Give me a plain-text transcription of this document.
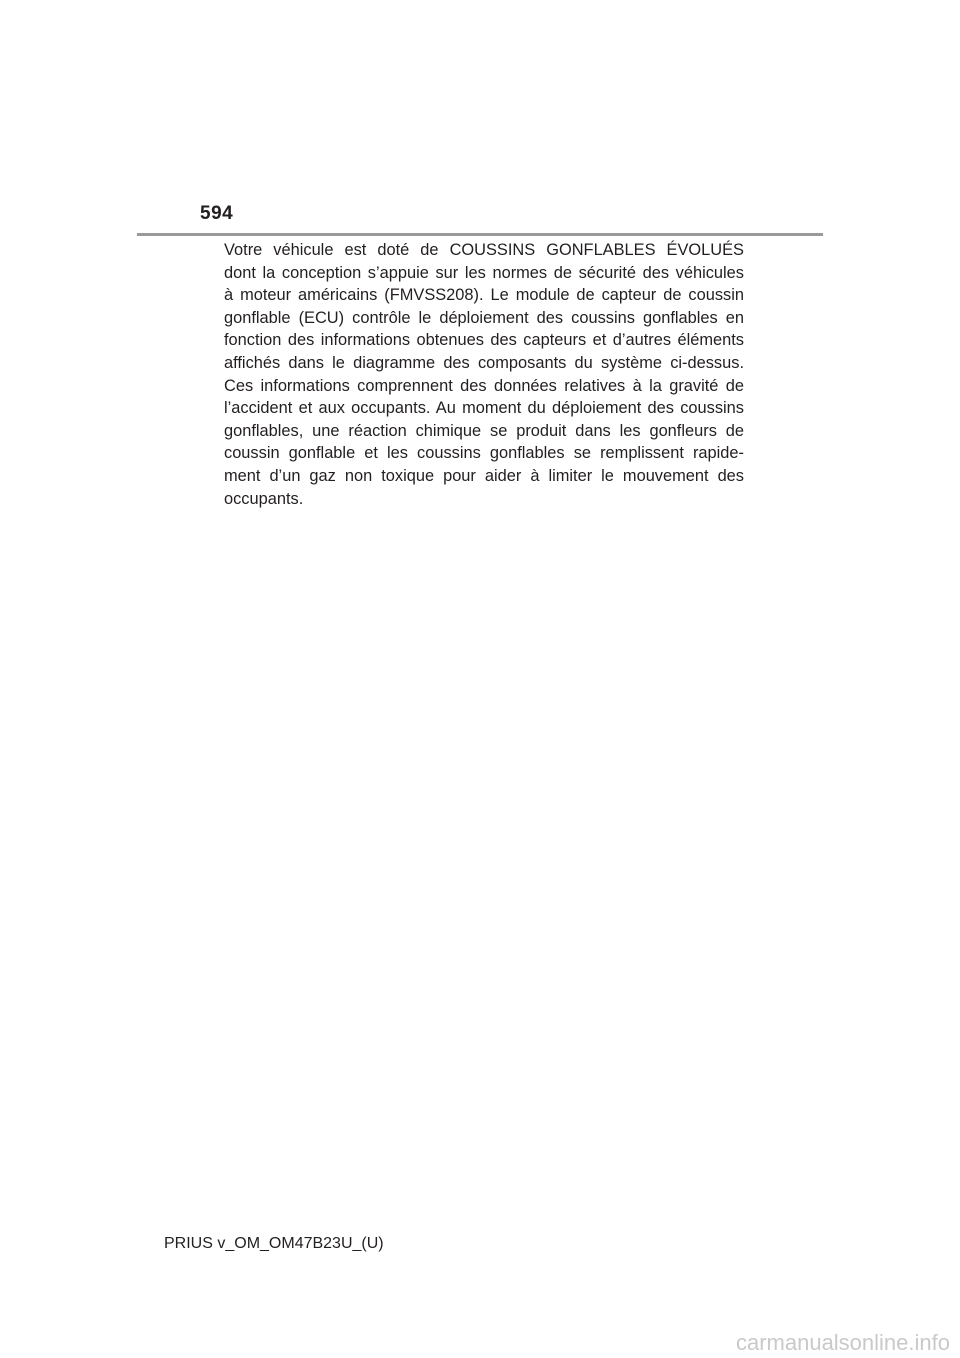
594
Votre véhicule est doté de COUSSINS GONFLABLES ÉVOLUÉS
dont la conception s’appuie sur les normes de sécurité des véhicules
à moteur américains (FMVSS208). Le module de capteur de coussin
gonflable (ECU) contrôle le déploiement des coussins gonflables en
fonction des informations obtenues des capteurs et d’autres éléments
affichés dans le diagramme des composants du système ci-dessus.
Ces informations comprennent des données relatives à la gravité de
l’accident et aux occupants. Au moment du déploiement des coussins
gonflables, une réaction chimique se produit dans les gonfleurs de
coussin gonflable et les coussins gonflables se remplissent rapide-
ment d’un gaz non toxique pour aider à limiter le mouvement des
occupants.
PRIUS v_OM_OM47B23U_(U)
carmanualsonline.info
